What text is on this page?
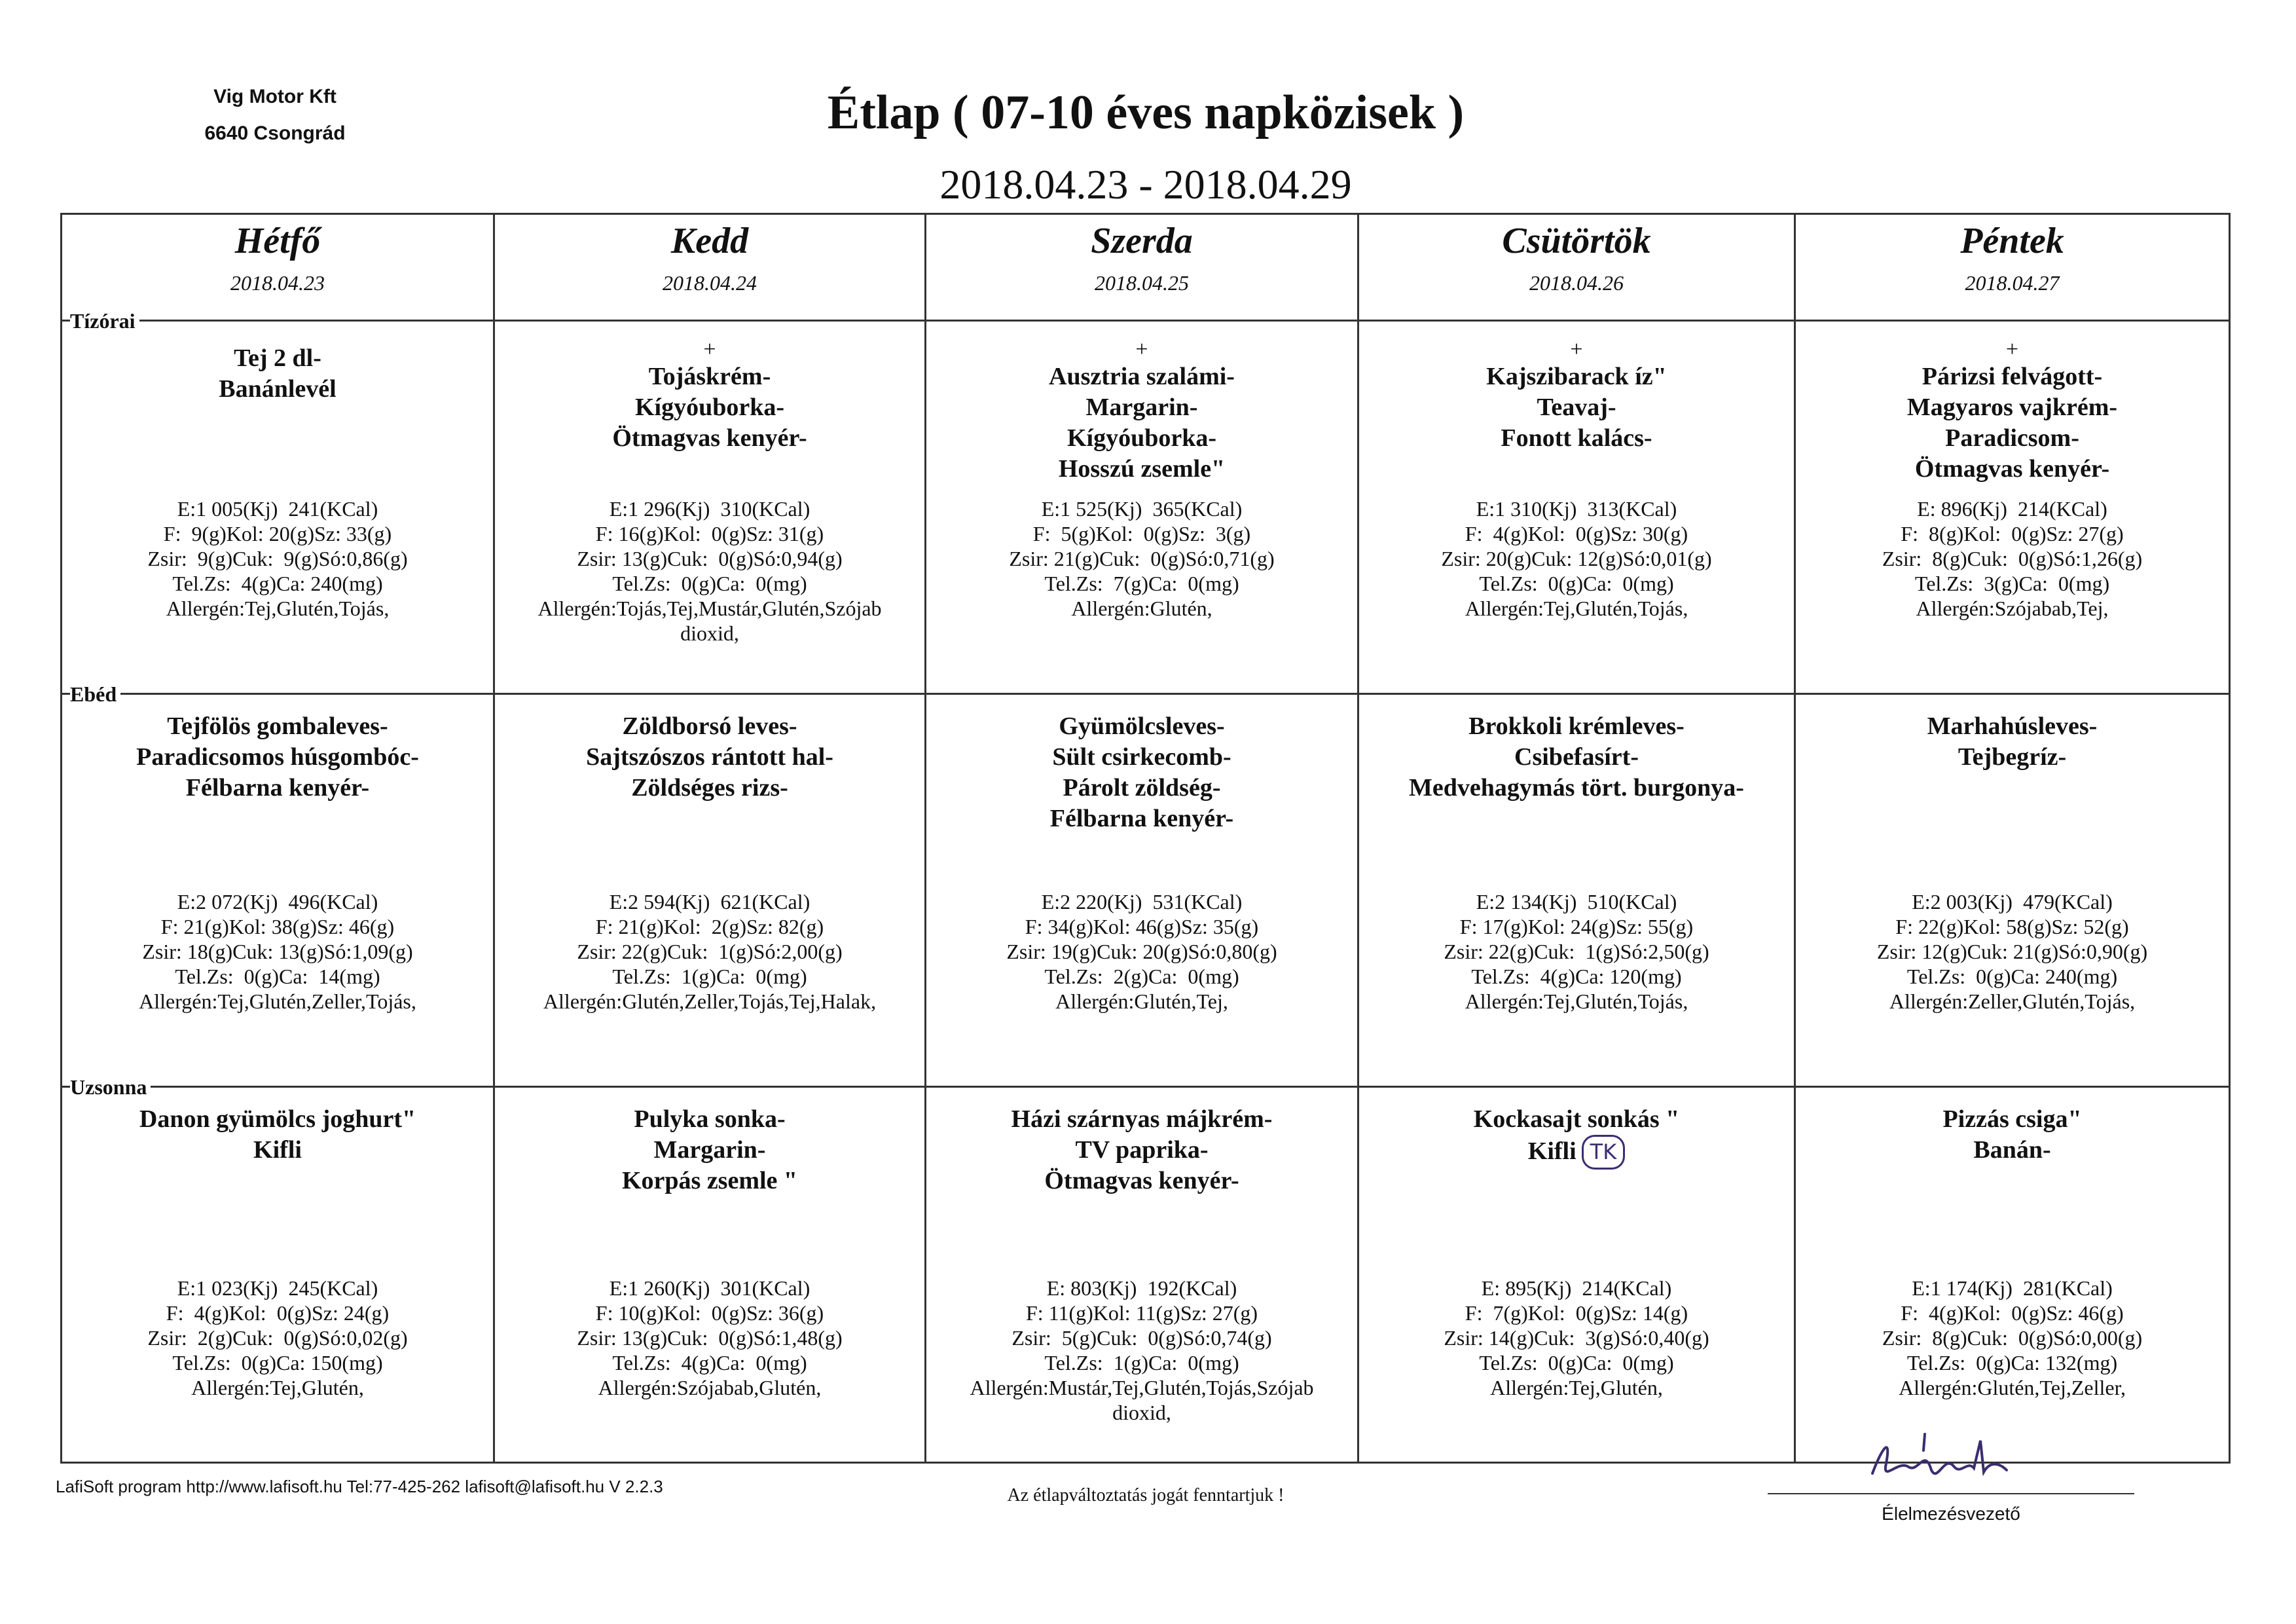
Vig Motor Kft
6640 Csongrád	Étlap ( 07-10 éves napközisek )
2018.04.23 - 2018.04.29
Tízórai
Ebéd
Uzsonna
Hétfő
2018.04.23
Tej 2 dl-
Banánlevél
E:1 005(Kj)  241(KCal)
F:  9(g)Kol: 20(g)Sz: 33(g)
Zsir:  9(g)Cuk:  9(g)Só:0,86(g)
Tel.Zs:  4(g)Ca: 240(mg)
Allergén:Tej,Glutén,Tojás,
Tejfölös gombaleves-
Paradicsomos húsgombóc-
Félbarna kenyér-
E:2 072(Kj)  496(KCal)
F: 21(g)Kol: 38(g)Sz: 46(g)
Zsir: 18(g)Cuk: 13(g)Só:1,09(g)
Tel.Zs:  0(g)Ca:  14(mg)
Allergén:Tej,Glutén,Zeller,Tojás,
Danon gyümölcs joghurt"
Kifli
E:1 023(Kj)  245(KCal)
F:  4(g)Kol:  0(g)Sz: 24(g)
Zsir:  2(g)Cuk:  0(g)Só:0,02(g)
Tel.Zs:  0(g)Ca: 150(mg)
Allergén:Tej,Glutén,
Kedd
2018.04.24
+
Tojáskrém-
Kígyóuborka-
Ötmagvas kenyér-
E:1 296(Kj)  310(KCal)
F: 16(g)Kol:  0(g)Sz: 31(g)
Zsir: 13(g)Cuk:  0(g)Só:0,94(g)
Tel.Zs:  0(g)Ca:  0(mg)
Allergén:Tojás,Tej,Mustár,Glutén,Szójab
dioxid,
Zöldborsó leves-
Sajtszószos rántott hal-
Zöldséges rizs-
E:2 594(Kj)  621(KCal)
F: 21(g)Kol:  2(g)Sz: 82(g)
Zsir: 22(g)Cuk:  1(g)Só:2,00(g)
Tel.Zs:  1(g)Ca:  0(mg)
Allergén:Glutén,Zeller,Tojás,Tej,Halak,
Pulyka sonka-
Margarin-
Korpás zsemle "
E:1 260(Kj)  301(KCal)
F: 10(g)Kol:  0(g)Sz: 36(g)
Zsir: 13(g)Cuk:  0(g)Só:1,48(g)
Tel.Zs:  4(g)Ca:  0(mg)
Allergén:Szójabab,Glutén,
Szerda
2018.04.25
+
Ausztria szalámi-
Margarin-
Kígyóuborka-
Hosszú zsemle"
E:1 525(Kj)  365(KCal)
F:  5(g)Kol:  0(g)Sz:  3(g)
Zsir: 21(g)Cuk:  0(g)Só:0,71(g)
Tel.Zs:  7(g)Ca:  0(mg)
Allergén:Glutén,
Gyümölcsleves-
Sült csirkecomb-
Párolt zöldség-
Félbarna kenyér-
E:2 220(Kj)  531(KCal)
F: 34(g)Kol: 46(g)Sz: 35(g)
Zsir: 19(g)Cuk: 20(g)Só:0,80(g)
Tel.Zs:  2(g)Ca:  0(mg)
Allergén:Glutén,Tej,
Házi szárnyas májkrém-
TV paprika-
Ötmagvas kenyér-
E: 803(Kj)  192(KCal)
F: 11(g)Kol: 11(g)Sz: 27(g)
Zsir:  5(g)Cuk:  0(g)Só:0,74(g)
Tel.Zs:  1(g)Ca:  0(mg)
Allergén:Mustár,Tej,Glutén,Tojás,Szójab
dioxid,
Csütörtök
2018.04.26
+
Kajszibarack íz"
Teavaj-
Fonott kalács-
E:1 310(Kj)  313(KCal)
F:  4(g)Kol:  0(g)Sz: 30(g)
Zsir: 20(g)Cuk: 12(g)Só:0,01(g)
Tel.Zs:  0(g)Ca:  0(mg)
Allergén:Tej,Glutén,Tojás,
Brokkoli krémleves-
Csibefasírt-
Medvehagymás tört. burgonya-
E:2 134(Kj)  510(KCal)
F: 17(g)Kol: 24(g)Sz: 55(g)
Zsir: 22(g)Cuk:  1(g)Só:2,50(g)
Tel.Zs:  4(g)Ca: 120(mg)
Allergén:Tej,Glutén,Tojás,
Kockasajt sonkás "
Kifli TK
E: 895(Kj)  214(KCal)
F:  7(g)Kol:  0(g)Sz: 14(g)
Zsir: 14(g)Cuk:  3(g)Só:0,40(g)
Tel.Zs:  0(g)Ca:  0(mg)
Allergén:Tej,Glutén,
Péntek
2018.04.27
+
Párizsi felvágott-
Magyaros vajkrém-
Paradicsom-
Ötmagvas kenyér-
E: 896(Kj)  214(KCal)
F:  8(g)Kol:  0(g)Sz: 27(g)
Zsir:  8(g)Cuk:  0(g)Só:1,26(g)
Tel.Zs:  3(g)Ca:  0(mg)
Allergén:Szójabab,Tej,
Marhahúsleves-
Tejbegríz-
E:2 003(Kj)  479(KCal)
F: 22(g)Kol: 58(g)Sz: 52(g)
Zsir: 12(g)Cuk: 21(g)Só:0,90(g)
Tel.Zs:  0(g)Ca: 240(mg)
Allergén:Zeller,Glutén,Tojás,
Pizzás csiga"
Banán-
E:1 174(Kj)  281(KCal)
F:  4(g)Kol:  0(g)Sz: 46(g)
Zsir:  8(g)Cuk:  0(g)Só:0,00(g)
Tel.Zs:  0(g)Ca: 132(mg)
Allergén:Glutén,Tej,Zeller,
LafiSoft program http://www.lafisoft.hu Tel:77-425-262 lafisoft@lafisoft.hu V 2.2.3	Az étlapváltoztatás jogát fenntartjuk !
Élelmezésvezető
